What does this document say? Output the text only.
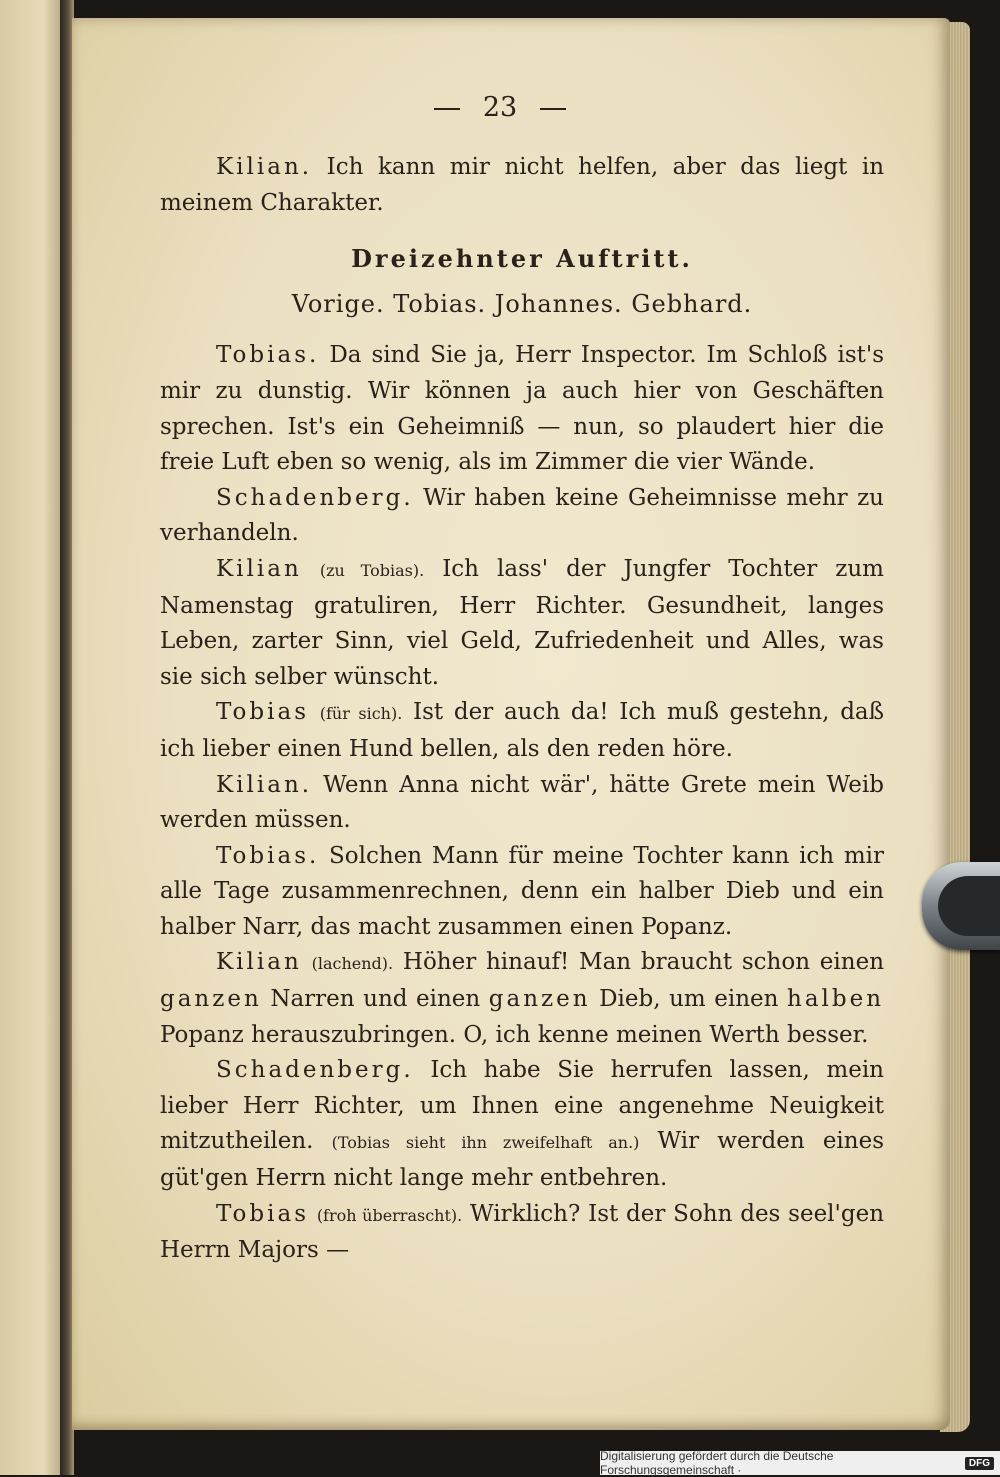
23

Kilian. Ich kann mir nicht helfen, aber das liegt in meinem Charakter.

Dreizehnter Auftritt.

Vorige. Tobias. Johannes. Gebhard.

Tobias. Da sind Sie ja, Herr Inspector. Im Schloß ist's mir zu dunstig. Wir können ja auch hier von Geschäften sprechen. Ist's ein Geheimniß — nun, so plaudert hier die freie Luft eben so wenig, als im Zimmer die vier Wände.

Schadenberg. Wir haben keine Geheimnisse mehr zu verhandeln.

Kilian (zu Tobias). Ich lass' der Jungfer Tochter zum Namenstag gratuliren, Herr Richter. Gesundheit, langes Leben, zarter Sinn, viel Geld, Zufriedenheit und Alles, was sie sich selber wünscht.

Tobias (für sich). Ist der auch da! Ich muß gestehn, daß ich lieber einen Hund bellen, als den reden höre.

Kilian. Wenn Anna nicht wär', hätte Grete mein Weib werden müssen.

Tobias. Solchen Mann für meine Tochter kann ich mir alle Tage zusammenrechnen, denn ein halber Dieb und ein halber Narr, das macht zusammen einen Popanz.

Kilian (lachend). Höher hinauf! Man braucht schon einen ganzen Narren und einen ganzen Dieb, um einen halben Popanz herauszubringen. O, ich kenne meinen Werth besser.

Schadenberg. Ich habe Sie herrufen lassen, mein lieber Herr Richter, um Ihnen eine angenehme Neuigkeit mitzutheilen. (Tobias sieht ihn zweifelhaft an.) Wir werden eines güt'gen Herrn nicht lange mehr entbehren.

Tobias (froh überrascht). Wirklich? Ist der Sohn des seel'gen Herrn Majors —

Digitalisierung gefördert durch die Deutsche Forschungsgemeinschaft ·	DFG
